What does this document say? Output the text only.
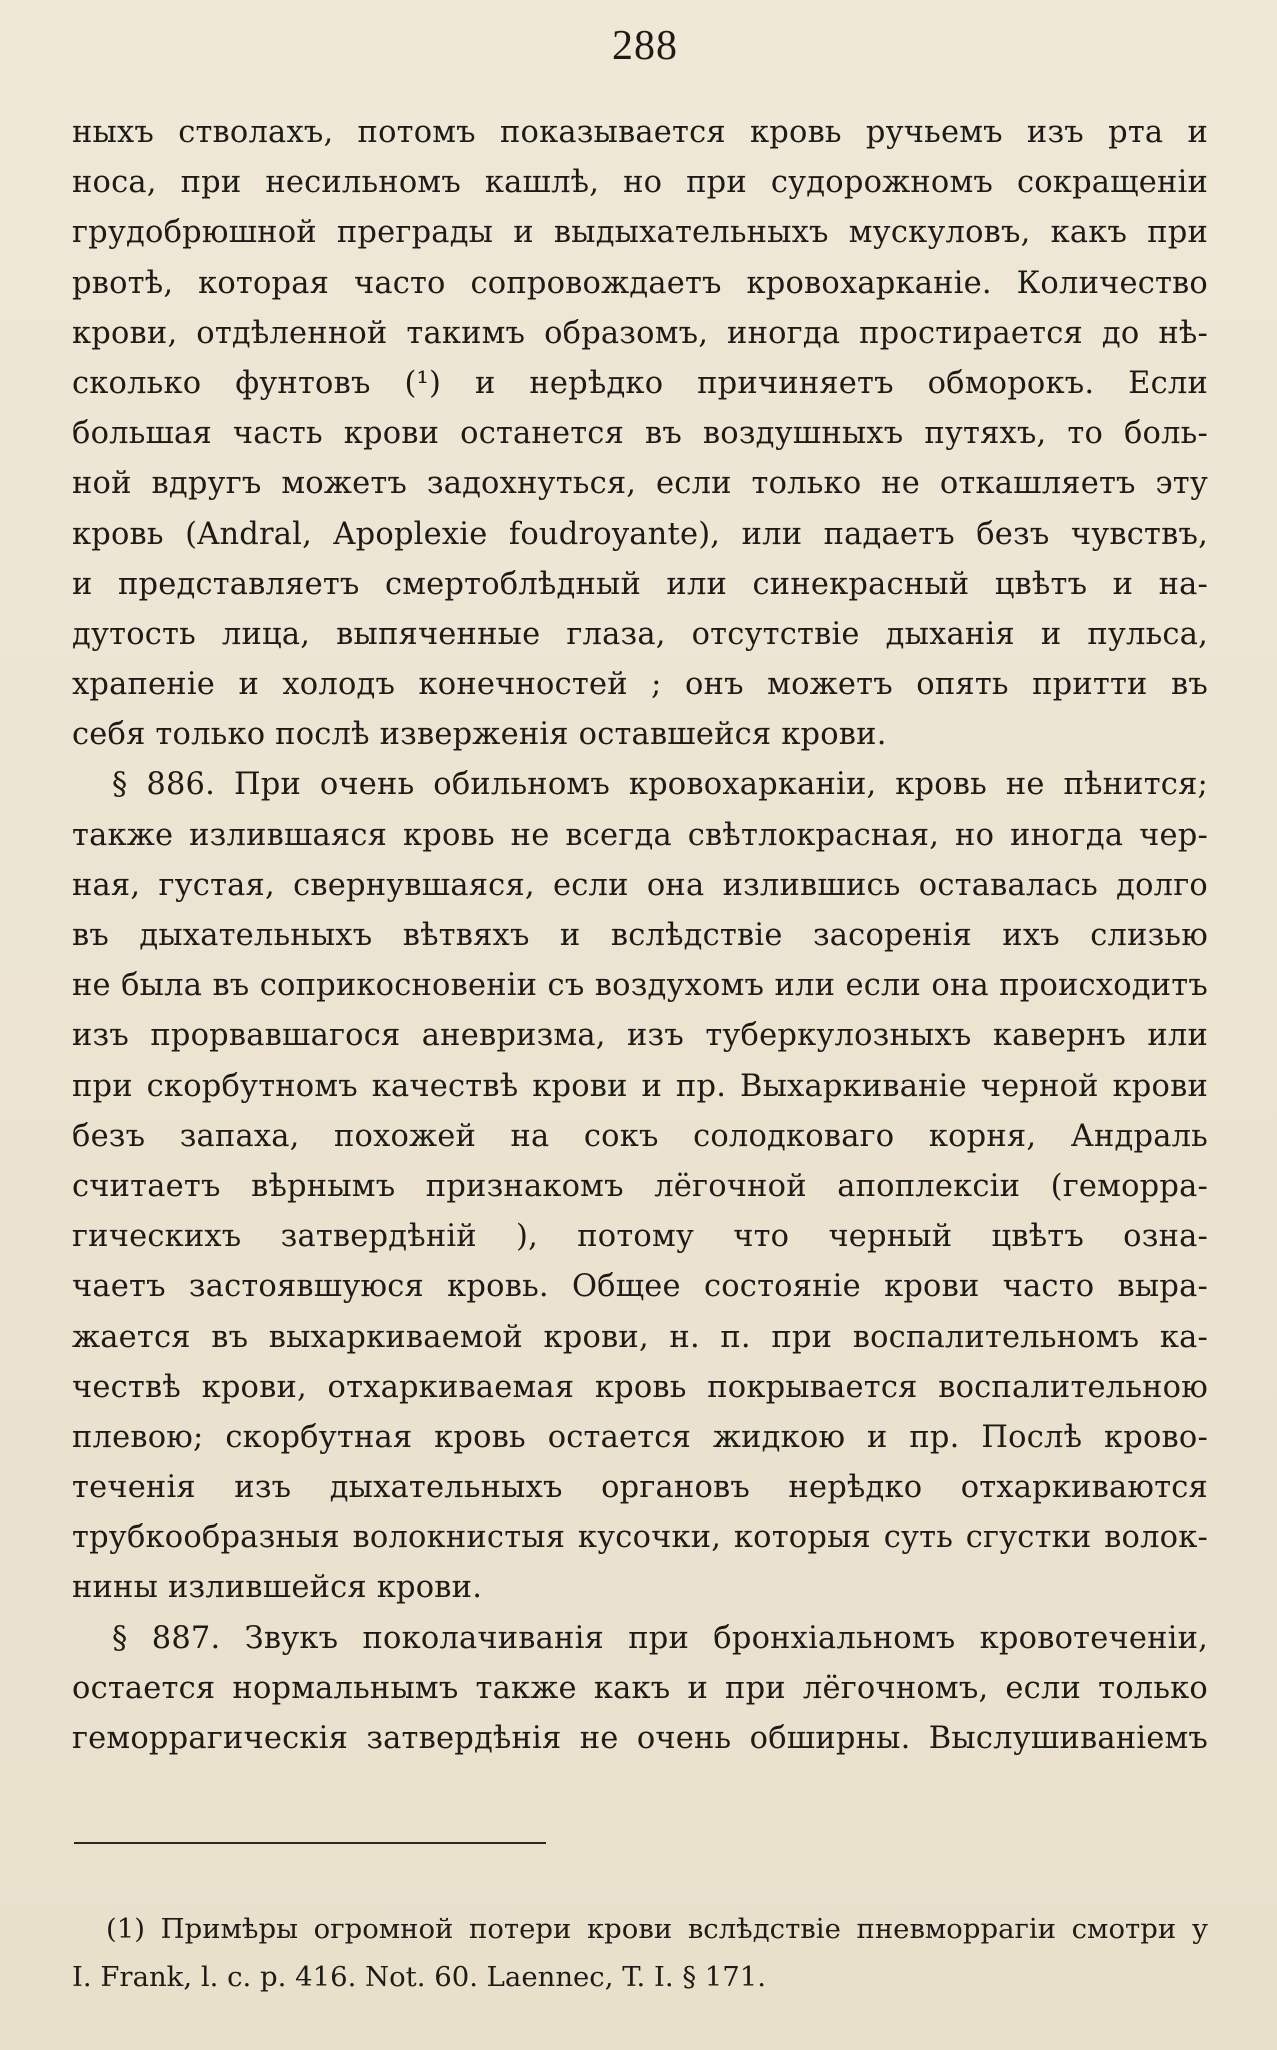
288
ныхъ стволахъ, потомъ показывается кровь ручьемъ изъ рта и
носа, при несильномъ кашлѣ, но при судорожномъ сокращеніи
грудобрюшной преграды и выдыхательныхъ мускуловъ, какъ при
рвотѣ, которая часто сопровождаетъ кровохарканіе. Количество
крови, отдѣленной такимъ образомъ, иногда простирается до нѣ-
сколько фунтовъ (¹) и нерѣдко причиняетъ обморокъ. Если
большая часть крови останется въ воздушныхъ путяхъ, то боль-
ной вдругъ можетъ задохнуться, если только не откашляетъ эту
кровь (Andral, Apoplexie foudroyante), или падаетъ безъ чувствъ,
и представляетъ смертоблѣдный или синекрасный цвѣтъ и на-
дутость лица, выпяченные глаза, отсутствіе дыханія и пульса,
храпеніе и холодъ конечностей ; онъ можетъ опять притти въ
себя только послѣ изверженія оставшейся крови.
§ 886. При очень обильномъ кровохарканіи, кровь не пѣнится;
также излившаяся кровь не всегда свѣтлокрасная, но иногда чер-
ная, густая, свернувшаяся, если она излившись оставалась долго
въ дыхательныхъ вѣтвяхъ и вслѣдствіе засоренія ихъ слизью
не была въ соприкосновеніи съ воздухомъ или если она происходитъ
изъ прорвавшагося аневризма, изъ туберкулозныхъ кавернъ или
при скорбутномъ качествѣ крови и пр. Выхаркиваніе черной крови
безъ запаха, похожей на сокъ солодковаго корня, Андраль
считаетъ вѣрнымъ признакомъ лёгочной апоплексіи (геморра-
гическихъ затвердѣній ), потому что черный цвѣтъ озна-
чаетъ застоявшуюся кровь. Общее состояніе крови часто выра-
жается въ выхаркиваемой крови, н. п. при воспалительномъ ка-
чествѣ крови, отхаркиваемая кровь покрывается воспалительною
плевою; скорбутная кровь остается жидкою и пр. Послѣ крово-
теченія изъ дыхательныхъ органовъ нерѣдко отхаркиваются
трубкообразныя волокнистыя кусочки, которыя суть сгустки волок-
нины излившейся крови.
§ 887. Звукъ поколачиванія при бронхіальномъ кровотеченіи,
остается нормальнымъ также какъ и при лёгочномъ, если только
геморрагическія затвердѣнія не очень обширны. Выслушиваніемъ
(1) Примѣры огромной потери крови вслѣдствіе пневморрагіи смотри у
I. Frank, l. c. p. 416. Not. 60. Laennec, T. I. § 171.
